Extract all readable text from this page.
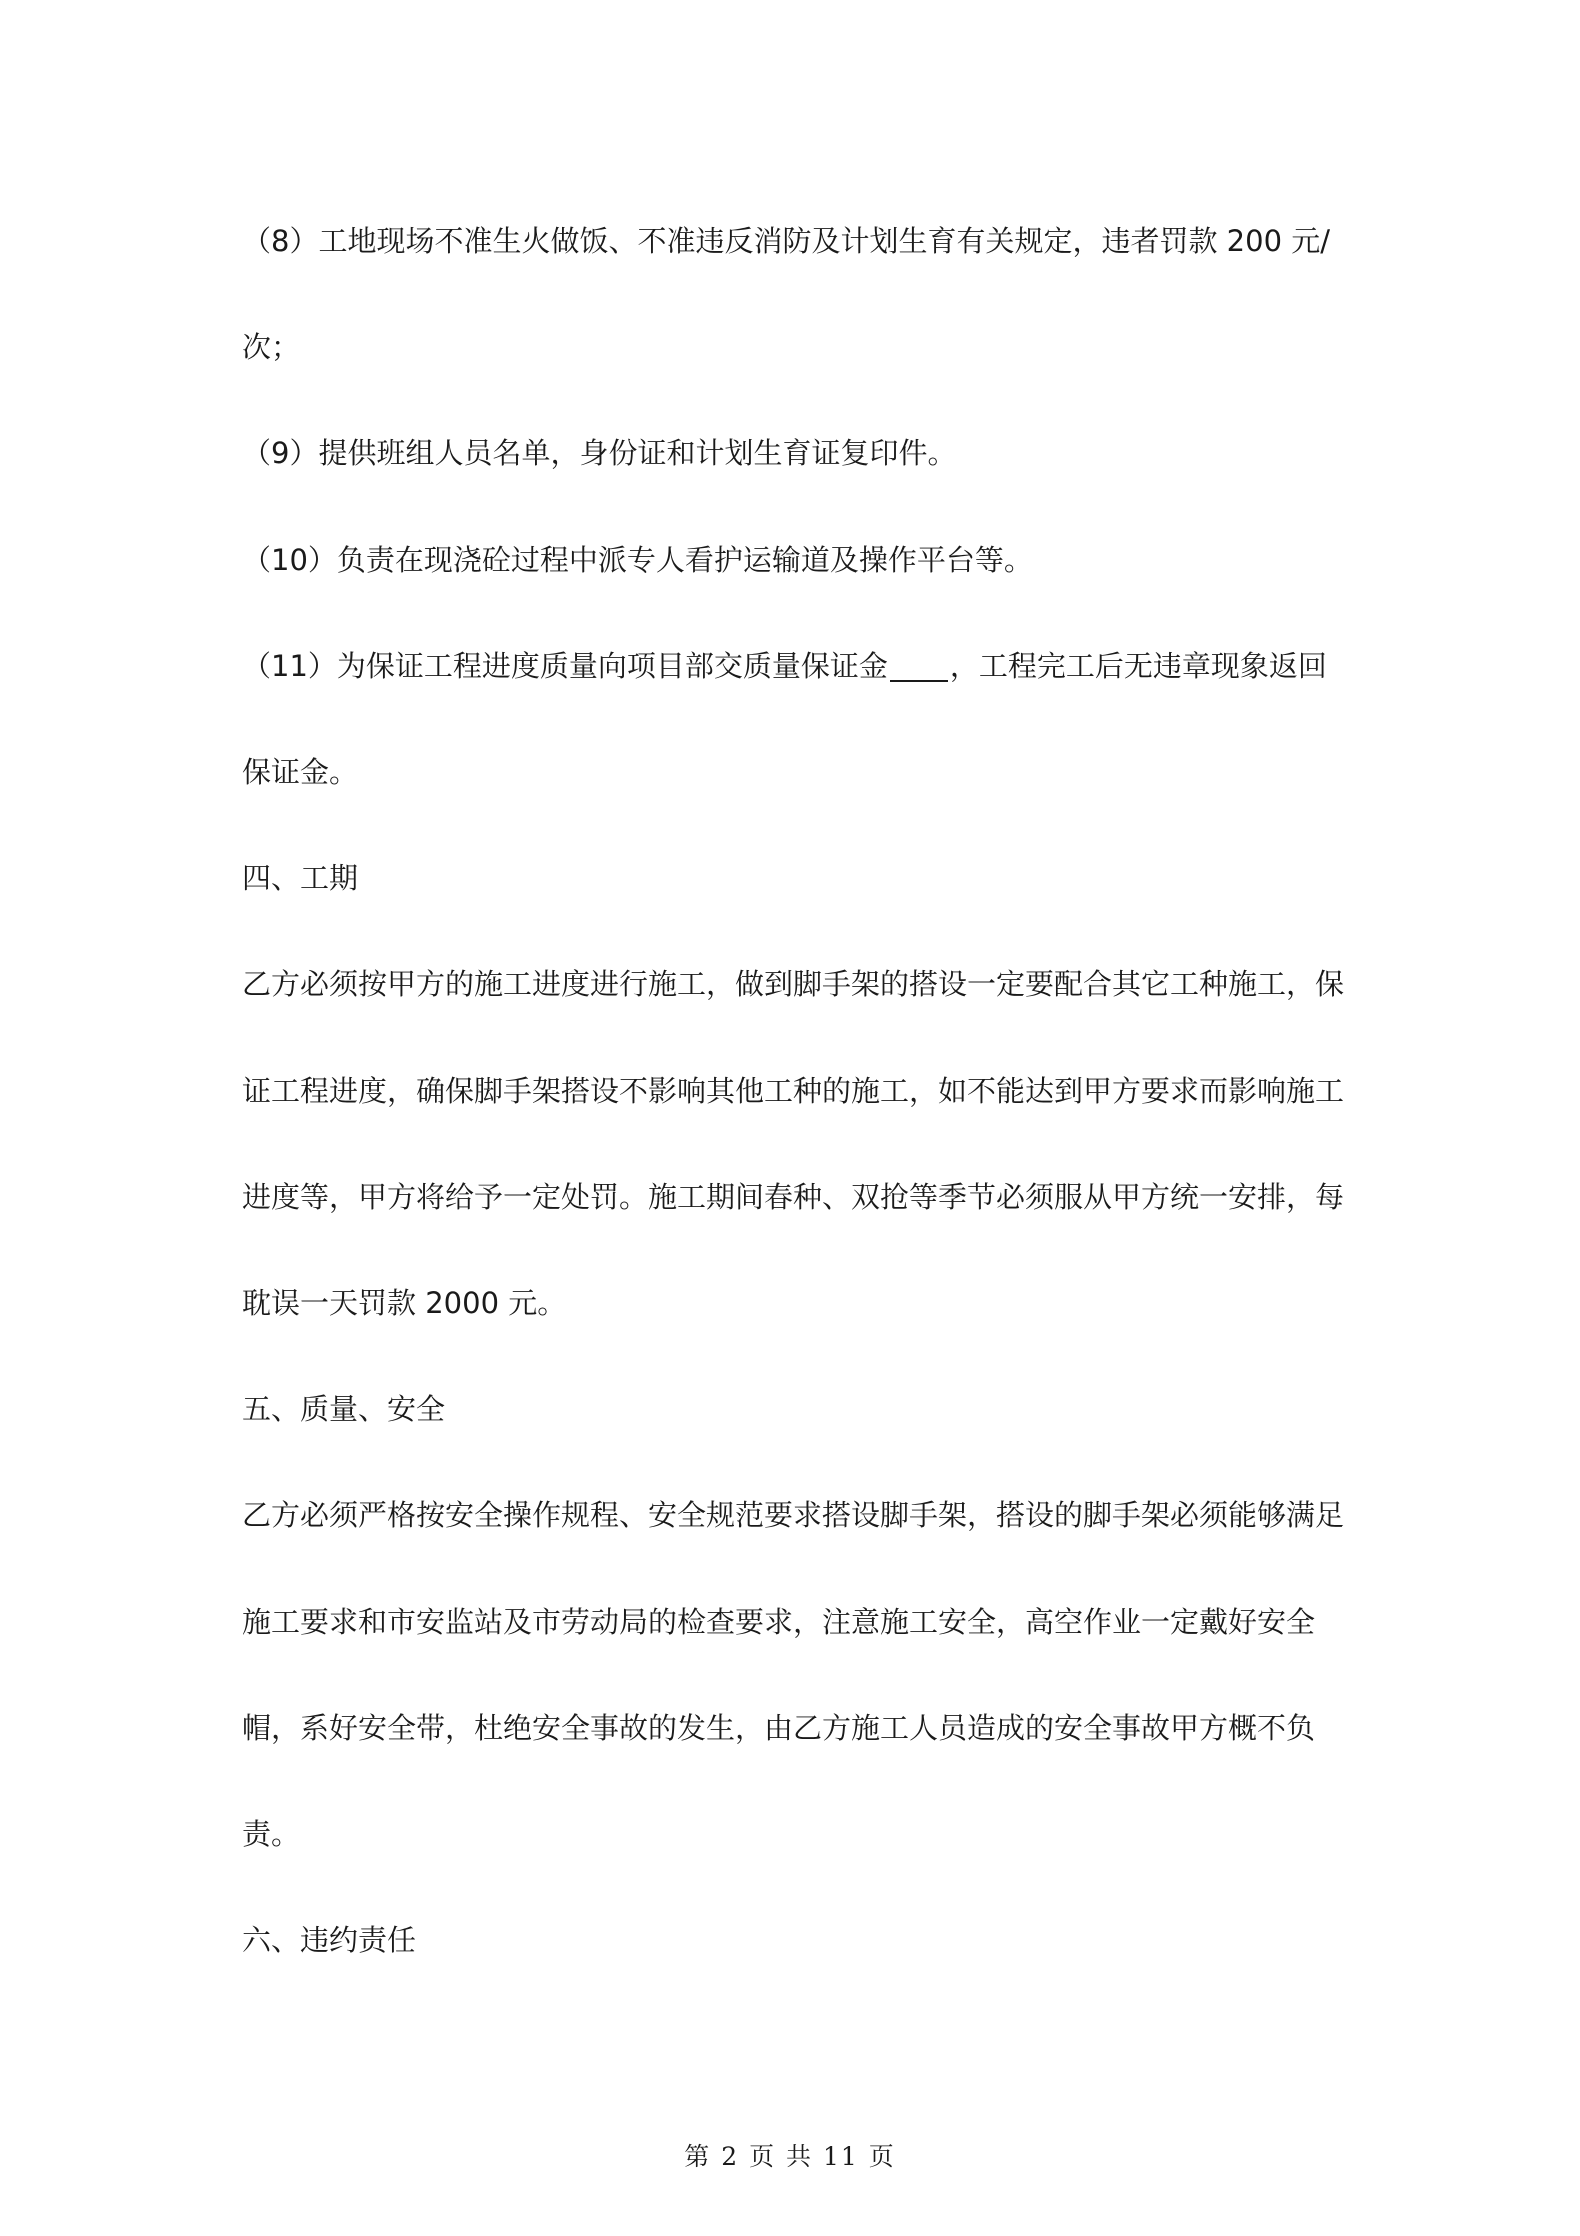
（8）工地现场不准生火做饭、不准违反消防及计划生育有关规定，违者罚款 200 元/次；

（9）提供班组人员名单，身份证和计划生育证复印件。

（10）负责在现浇砼过程中派专人看护运输道及操作平台等。

（11）为保证工程进度质量向项目部交质量保证金 ，工程完工后无违章现象返回保证金。

四、工期

乙方必须按甲方的施工进度进行施工，做到脚手架的搭设一定要配合其它工种施工，保证工程进度，确保脚手架搭设不影响其他工种的施工，如不能达到甲方要求而影响施工进度等，甲方将给予一定处罚。施工期间春种、双抢等季节必须服从甲方统一安排，每耽误一天罚款 2000 元。

五、质量、安全

乙方必须严格按安全操作规程、安全规范要求搭设脚手架，搭设的脚手架必须能够满足施工要求和市安监站及市劳动局的检查要求，注意施工安全，高空作业一定戴好安全帽，系好安全带，杜绝安全事故的发生，由乙方施工人员造成的安全事故甲方概不负责。

六、违约责任

第 2 页 共 11 页
